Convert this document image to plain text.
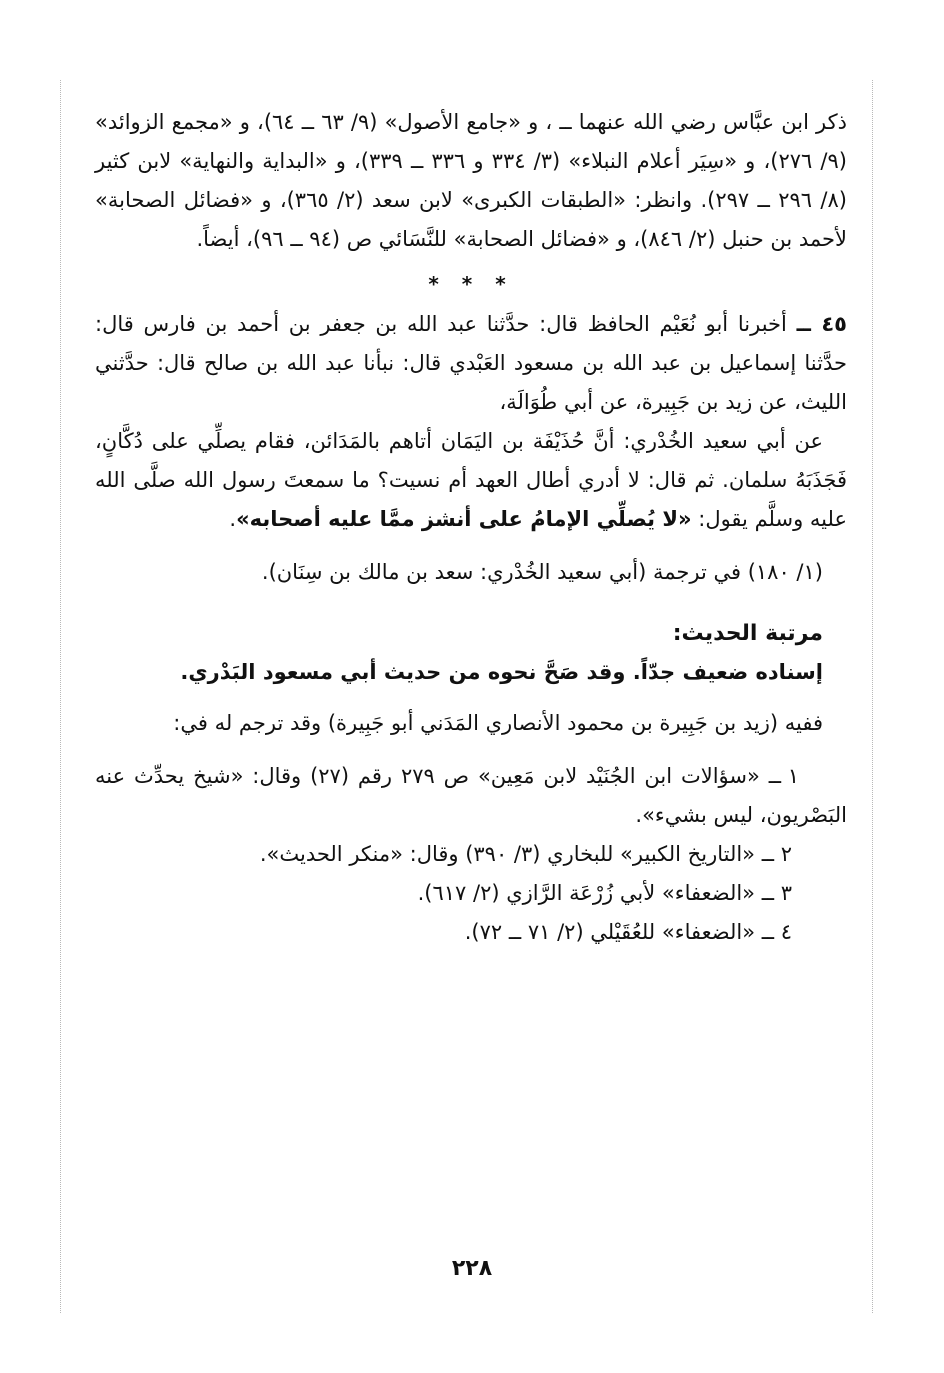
ذكر ابن عبَّاس رضي الله عنهما ــ ، و «جامع الأصول» (٩/ ٦٣ ــ ٦٤)، و «مجمع الزوائد» (٩/ ٢٧٦)، و «سِيَر أعلام النبلاء» (٣/ ٣٣٤ و ٣٣٦ ــ ٣٣٩)، و «البداية والنهاية» لابن كثير (٨/ ٢٩٦ ــ ٢٩٧). وانظر: «الطبقات الكبرى» لابن سعد (٢/ ٣٦٥)، و «فضائل الصحابة» لأحمد بن حنبل (٢/ ٨٤٦)، و «فضائل الصحابة» للنَّسَائي ص (٩٤ ــ ٩٦)، أيضاً.

* * *

٤٥ ــ أخبرنا أبو نُعَيْم الحافظ قال: حدَّثنا عبد الله بن جعفر بن أحمد بن فارس قال: حدَّثنا إسماعيل بن عبد الله بن مسعود العَبْدي قال: نبأنا عبد الله بن صالح قال: حدَّثني الليث، عن زيد بن جَبِيرة، عن أبي طُوَالَة،

عن أبي سعيد الخُدْري: أنَّ حُذَيْفَة بن اليَمَان أتاهم بالمَدَائن، فقام يصلِّي على دُكَّانٍ، فَجَذَبَهُ سلمان. ثم قال: لا أدري أطال العهد أم نسيت؟ ما سمعتَ رسول الله صلَّى الله عليه وسلَّم يقول: «لا يُصلِّي الإمامُ على أنشز ممَّا عليه أصحابه».

(١/ ١٨٠) في ترجمة (أبي سعيد الخُدْري: سعد بن مالك بن سِنَان).

مرتبة الحديث:

إسناده ضعيف جدّاً. وقد صَحَّ نحوه من حديث أبي مسعود البَدْري.

ففيه (زيد بن جَبِيرة بن محمود الأنصاري المَدَني أبو جَبِيرة) وقد ترجم له في:

١ ــ «سؤالات ابن الجُنَيْد لابن مَعِين» ص ٢٧٩ رقم (٢٧) وقال: «شيخ يحدِّث عنه البَصْريون، ليس بشيء».
٢ ــ «التاريخ الكبير» للبخاري (٣/ ٣٩٠) وقال: «منكر الحديث».
٣ ــ «الضعفاء» لأبي زُرْعَة الرَّازي (٢/ ٦١٧).
٤ ــ «الضعفاء» للعُقَيْلي (٢/ ٧١ ــ ٧٢).
٢٢٨
